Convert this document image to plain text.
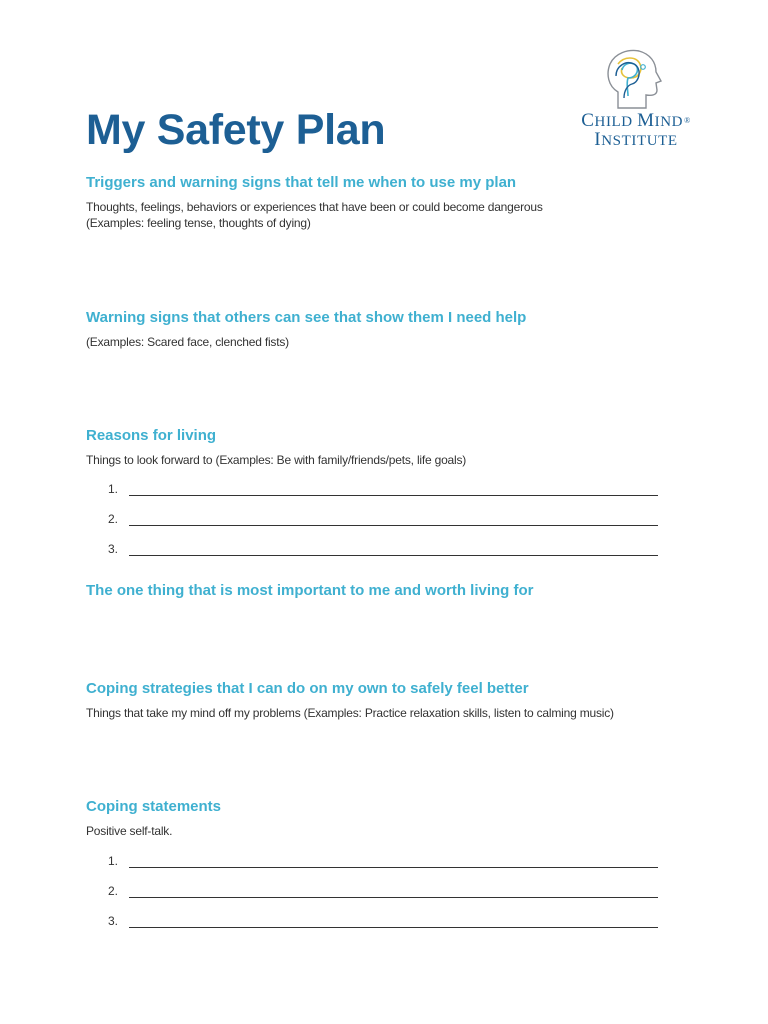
My Safety Plan	CHILD MIND®
INSTITUTE
Triggers and warning signs that tell me when to use my plan

Thoughts, feelings, behaviors or experiences that have been or could become dangerous
(Examples: feeling tense, thoughts of dying)

Warning signs that others can see that show them I need help

(Examples: Scared face, clenched fists)

Reasons for living

Things to look forward to (Examples: Be with family/friends/pets, life goals)

1.
2.
3.
The one thing that is most important to me and worth living for
Coping strategies that I can do on my own to safely feel better

Things that take my mind off my problems (Examples: Practice relaxation skills, listen to calming music)

Coping statements

Positive self-talk.

1.
2.
3.
